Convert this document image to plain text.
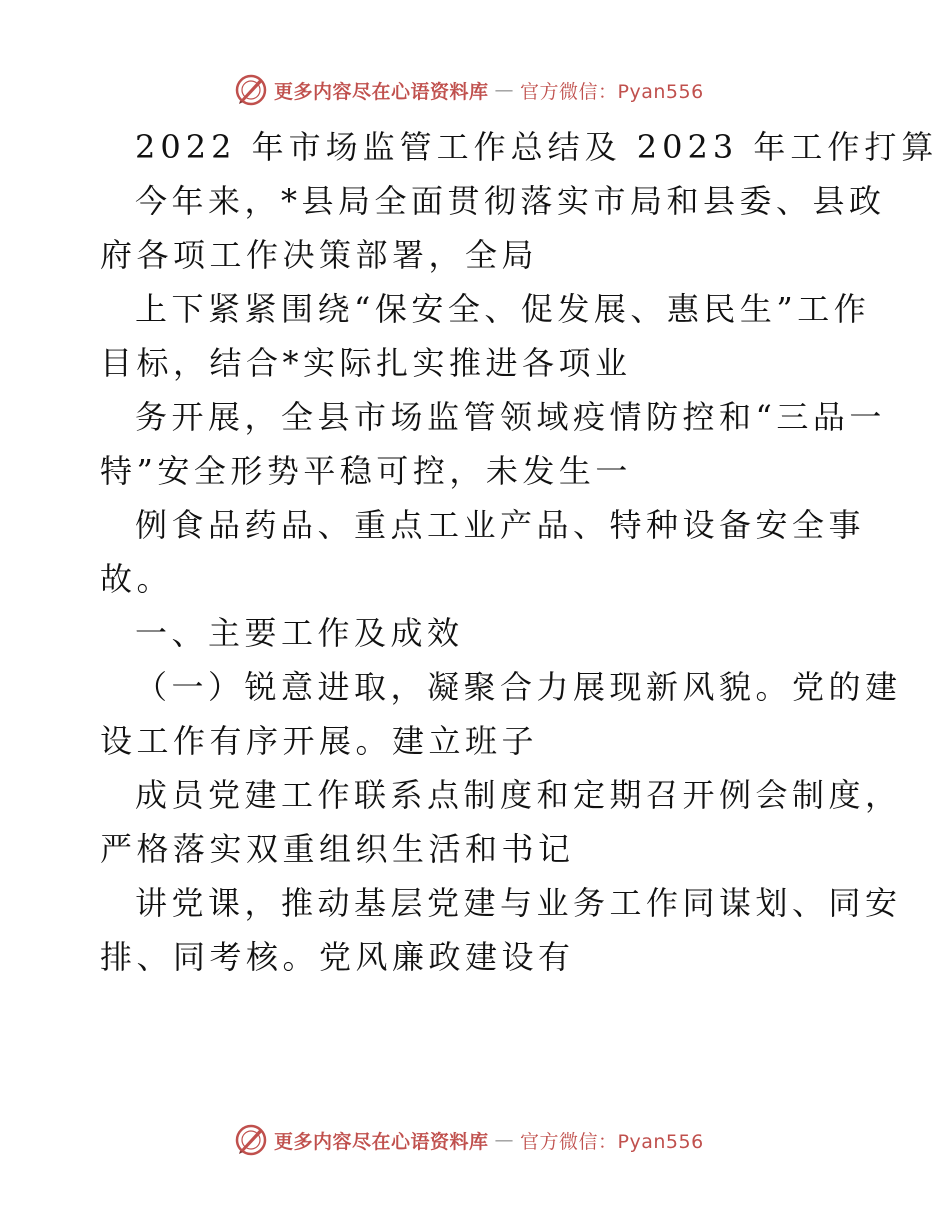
更多内容尽在心语资料库 — 官方微信：Pyan556
2022 年市场监管工作总结及 2023 年工作打算
今年来，*县局全面贯彻落实市局和县委、县政
府各项工作决策部署，全局
上下紧紧围绕“保安全、促发展、惠民生”工作
目标，结合*实际扎实推进各项业
务开展，全县市场监管领域疫情防控和“三品一
特”安全形势平稳可控，未发生一
例食品药品、重点工业产品、特种设备安全事
故。
一、主要工作及成效
（一）锐意进取，凝聚合力展现新风貌。党的建
设工作有序开展。建立班子
成员党建工作联系点制度和定期召开例会制度，
严格落实双重组织生活和书记
讲党课，推动基层党建与业务工作同谋划、同安
排、同考核。党风廉政建设有
更多内容尽在心语资料库 — 官方微信：Pyan556
